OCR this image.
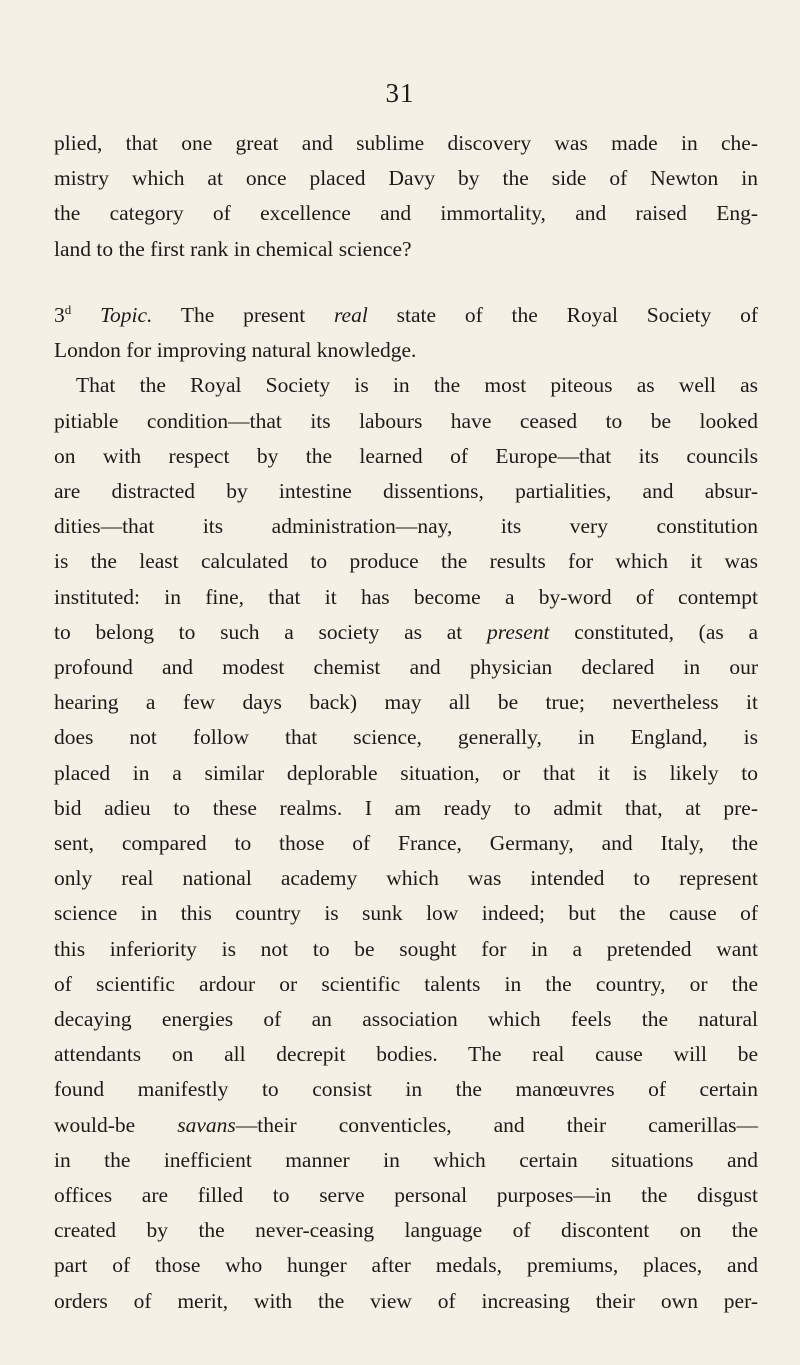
31
plied, that one great and sublime discovery was made in che-
mistry which at once placed Davy by the side of Newton in
the category of excellence and immortality, and raised Eng-
land to the first rank in chemical science?
3$^d$ Topic. The present real state of the Royal Society of
London for improving natural knowledge.
That the Royal Society is in the most piteous as well as
pitiable condition—that its labours have ceased to be looked
on with respect by the learned of Europe—that its councils
are distracted by intestine dissentions, partialities, and absur-
dities—that its administration—nay, its very constitution
is the least calculated to produce the results for which it was
instituted: in fine, that it has become a by-word of contempt
to belong to such a society as at present constituted, (as a
profound and modest chemist and physician declared in our
hearing a few days back) may all be true; nevertheless it
does not follow that science, generally, in England, is
placed in a similar deplorable situation, or that it is likely to
bid adieu to these realms. I am ready to admit that, at pre-
sent, compared to those of France, Germany, and Italy, the
only real national academy which was intended to represent
science in this country is sunk low indeed; but the cause of
this inferiority is not to be sought for in a pretended want
of scientific ardour or scientific talents in the country, or the
decaying energies of an association which feels the natural
attendants on all decrepit bodies. The real cause will be
found manifestly to consist in the manœuvres of certain
would-be savans—their conventicles, and their camerillas—
in the inefficient manner in which certain situations and
offices are filled to serve personal purposes—in the disgust
created by the never-ceasing language of discontent on the
part of those who hunger after medals, premiums, places, and
orders of merit, with the view of increasing their own per-
